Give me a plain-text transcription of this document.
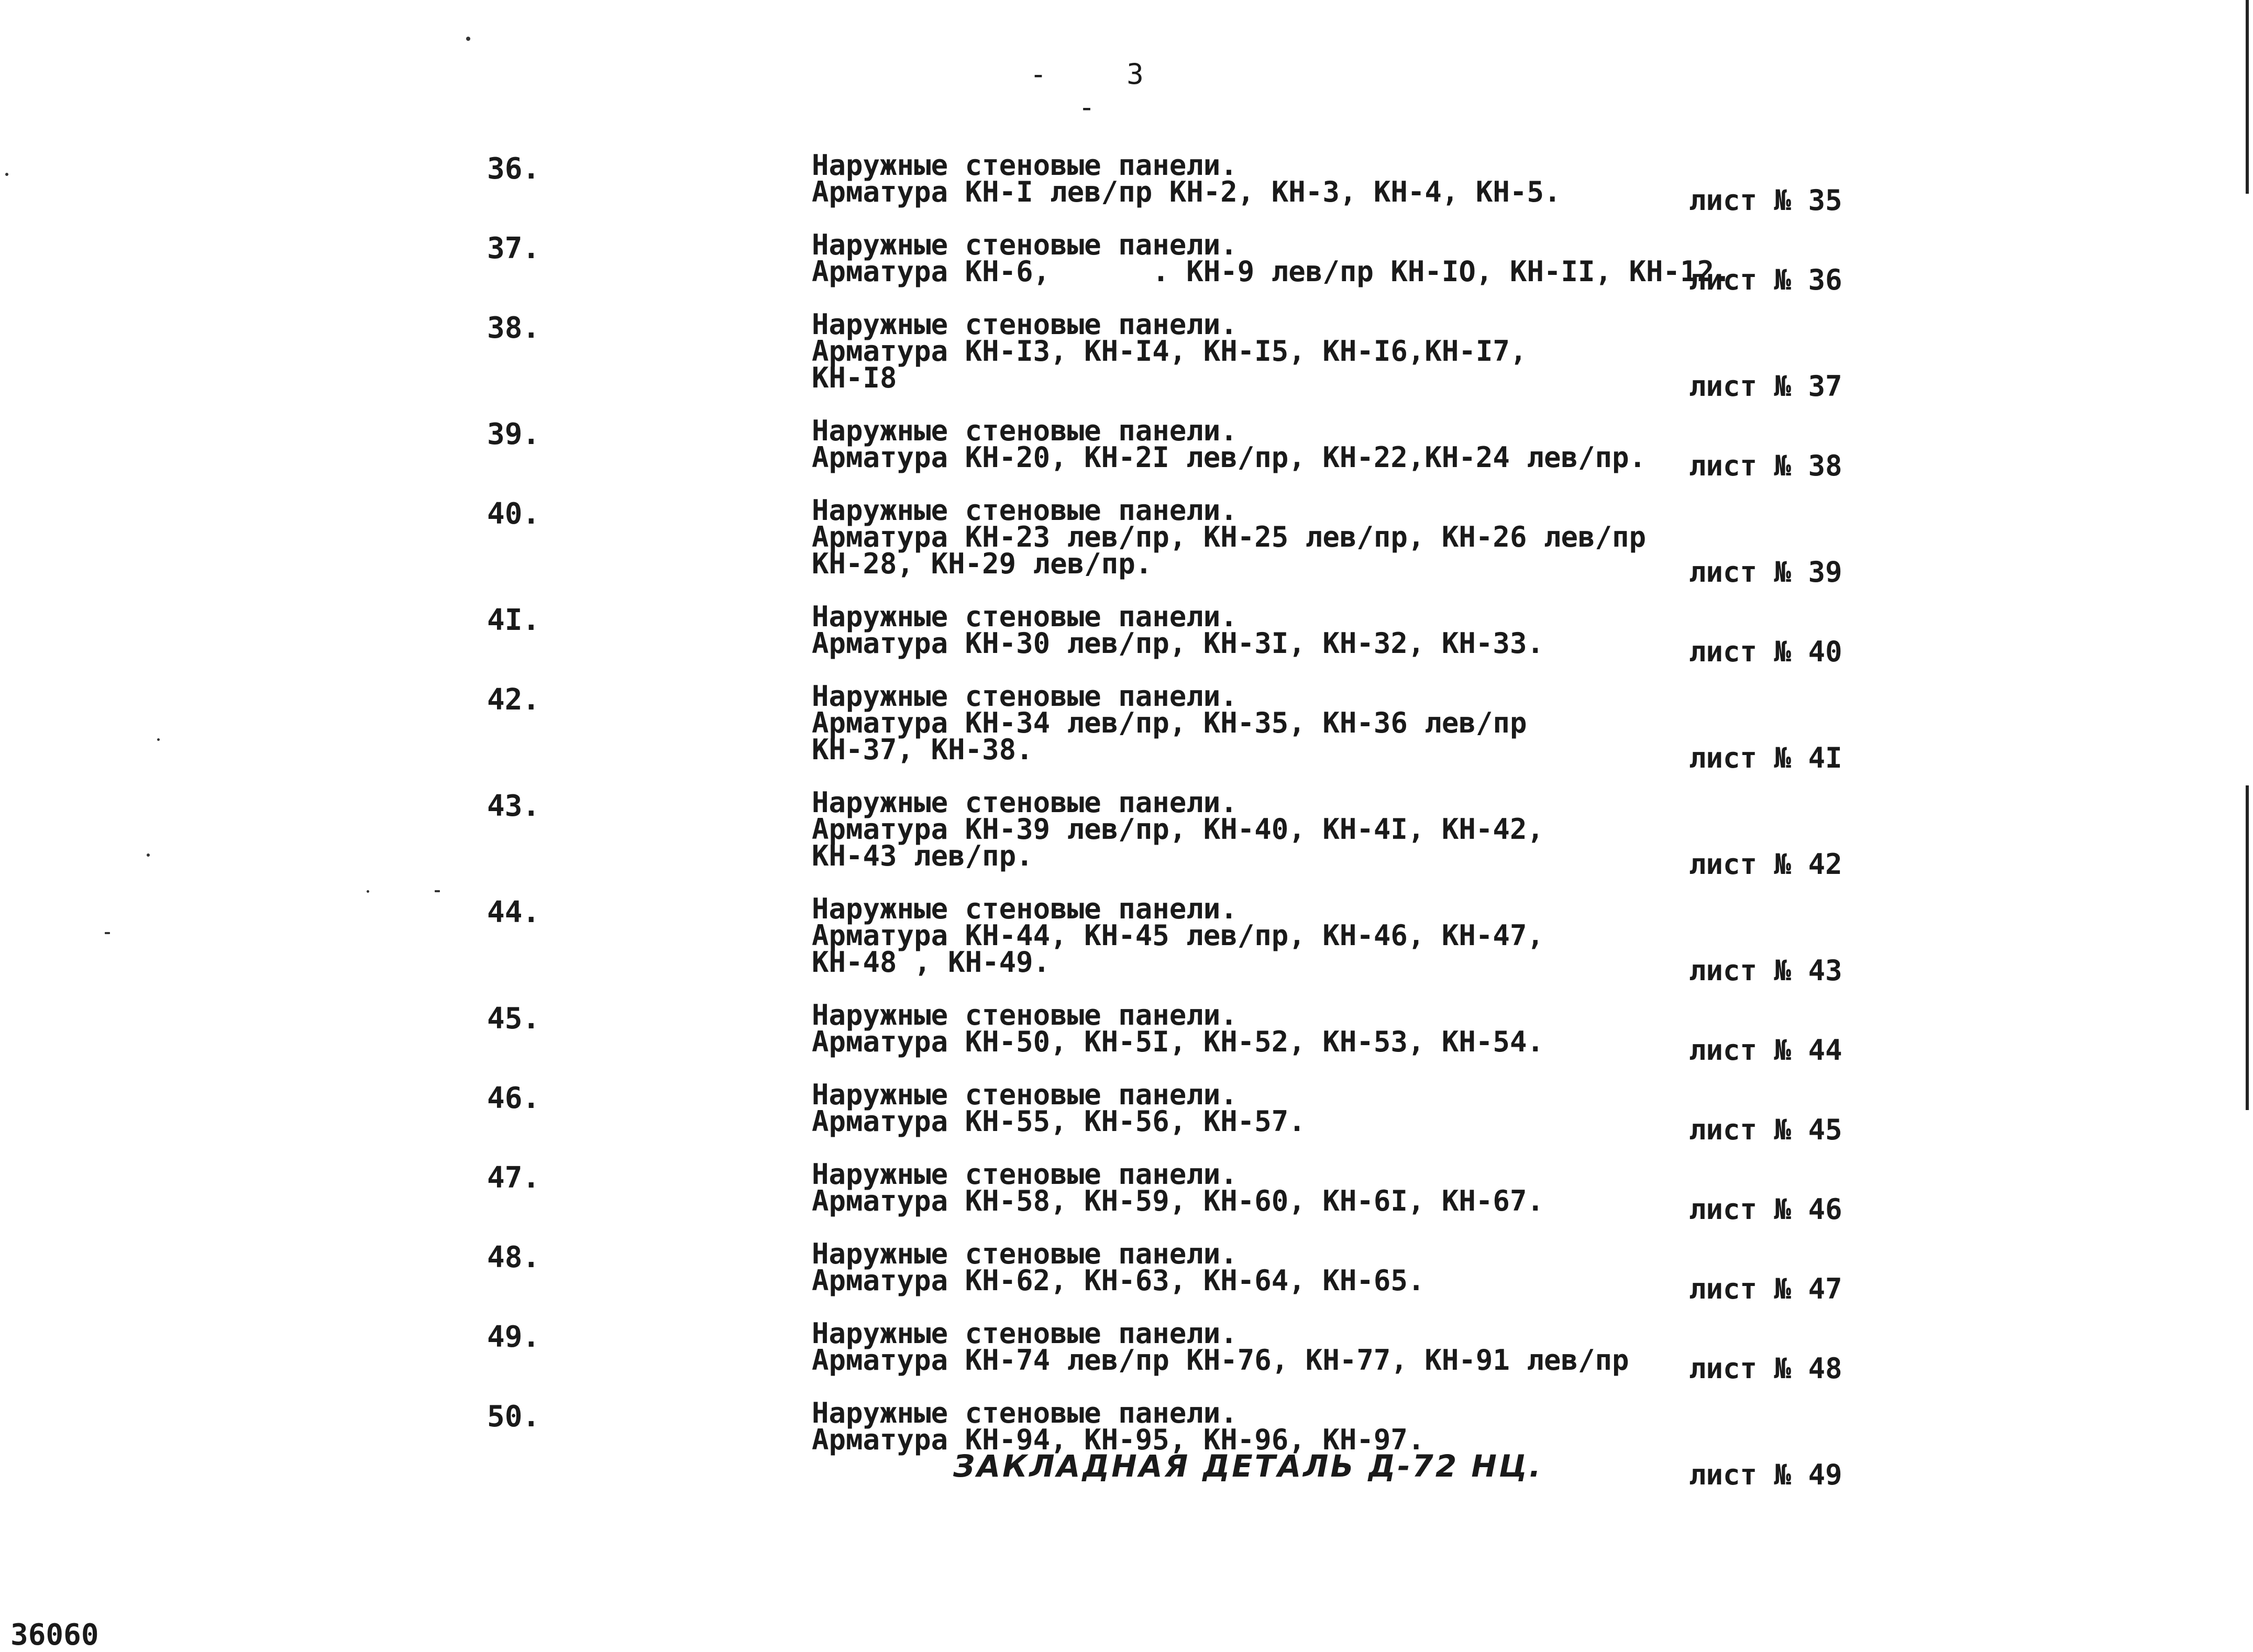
- 3 -
36.	Наружные стеновые панели.
Арматура КН-I лев/пр КН-2, КН-3, КН-4, КН-5.	лист № 35
37.	Наружные стеновые панели.
Арматура КН-6,      . КН-9 лев/пр КН-IO, КН-II, КН-12.
лист № 36
38.	Наружные стеновые панели.
Арматура КН-I3, КН-I4, КН-I5, КН-I6,КН-I7,
КН-I8	лист № 37
39.	Наружные стеновые панели.
Арматура КН-20, КН-2I лев/пр, КН-22,КН-24 лев/пр. лист № 38
40.	Наружные стеновые панели.
Арматура КН-23 лев/пр, КН-25 лев/пр, КН-26 лев/пр
КН-28, КН-29 лев/пр.	лист № 39
4I.	Наружные стеновые панели.
Арматура КН-30 лев/пр, КН-3I, КН-32, КН-33.	лист № 40
42.	Наружные стеновые панели.
Арматура КН-34 лев/пр, КН-35, КН-36 лев/пр
КН-37, КН-38.	лист № 4I
43.	Наружные стеновые панели.
Арматура КН-39 лев/пр, КН-40, КН-4I, КН-42,
КН-43 лев/пр.	лист № 42
44.	Наружные стеновые панели.
Арматура КН-44, КН-45 лев/пр, КН-46, КН-47,
КН-48 , КН-49.	лист № 43
45.	Наружные стеновые панели.
Арматура КН-50, КН-5I, КН-52, КН-53, КН-54.	лист № 44
46.	Наружные стеновые панели.
Арматура КН-55, КН-56, КН-57.	лист № 45
47.	Наружные стеновые панели.
Арматура КН-58, КН-59, КН-60, КН-6I, КН-67.	лист № 46
48.	Наружные стеновые панели.
Арматура КН-62, КН-63, КН-64, КН-65.	лист № 47
49.	Наружные стеновые панели.
Арматура КН-74 лев/пр КН-76, КН-77, КН-91 лев/пр лист № 48
50.	Наружные стеновые панели.
Арматура КН-94, КН-95, КН-96, КН-97.
ЗАКЛАДНАЯ ДЕТАЛЬ Д-72 НЦ.	лист № 49
36060
